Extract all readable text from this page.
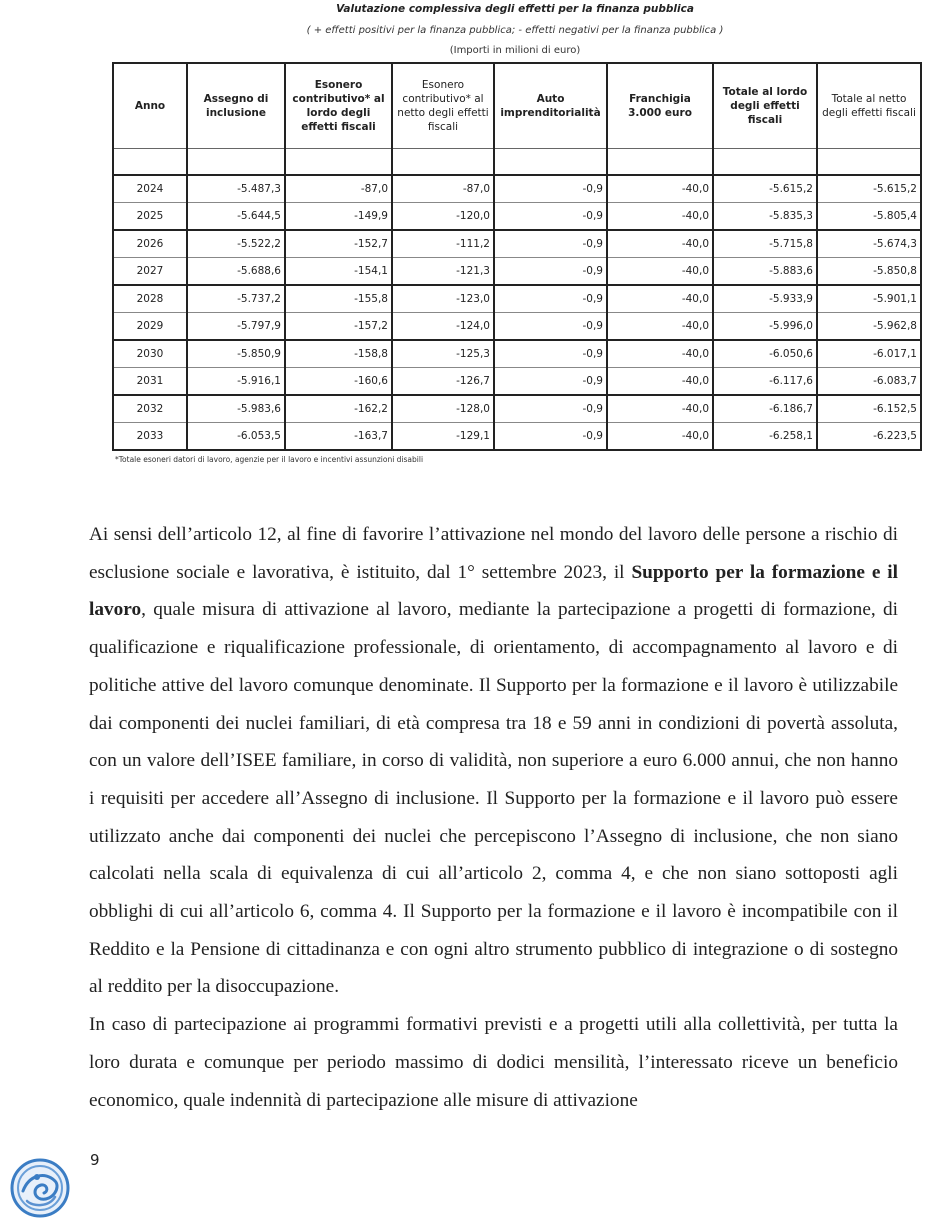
Valutazione complessiva degli effetti per la finanza pubblica
( + effetti positivi per la finanza pubblica; - effetti negativi per la finanza pubblica )
(Importi in milioni di euro)
Anno	Assegno di inclusione	Esonero contributivo* al lordo degli effetti fiscali	Esonero contributivo* al netto degli effetti fiscali	Auto imprenditorialità	Franchigia 3.000 euro	Totale al lordo degli effetti fiscali	Totale al netto degli effetti fiscali

2024	-5.487,3	-87,0	-87,0	-0,9	-40,0	-5.615,2	-5.615,2
2025	-5.644,5	-149,9	-120,0	-0,9	-40,0	-5.835,3	-5.805,4
2026	-5.522,2	-152,7	-111,2	-0,9	-40,0	-5.715,8	-5.674,3
2027	-5.688,6	-154,1	-121,3	-0,9	-40,0	-5.883,6	-5.850,8
2028	-5.737,2	-155,8	-123,0	-0,9	-40,0	-5.933,9	-5.901,1
2029	-5.797,9	-157,2	-124,0	-0,9	-40,0	-5.996,0	-5.962,8
2030	-5.850,9	-158,8	-125,3	-0,9	-40,0	-6.050,6	-6.017,1
2031	-5.916,1	-160,6	-126,7	-0,9	-40,0	-6.117,6	-6.083,7
2032	-5.983,6	-162,2	-128,0	-0,9	-40,0	-6.186,7	-6.152,5
2033	-6.053,5	-163,7	-129,1	-0,9	-40,0	-6.258,1	-6.223,5
*Totale esoneri datori di lavoro, agenzie per il lavoro e incentivi assunzioni disabili

Ai sensi dell’articolo 12, al fine di favorire l’attivazione nel mondo del lavoro delle persone a rischio di esclusione sociale e lavorativa, è istituito, dal 1° settembre 2023, il Supporto per la formazione e il lavoro, quale misura di attivazione al lavoro, mediante la partecipazione a progetti di formazione, di qualificazione e riqualificazione professionale, di orientamento, di accompagnamento al lavoro e di politiche attive del lavoro comunque denominate. Il Supporto per la formazione e il lavoro è utilizzabile dai componenti dei nuclei familiari, di età compresa tra 18 e 59 anni in condizioni di povertà assoluta, con un valore dell’ISEE familiare, in corso di validità, non superiore a euro 6.000 annui, che non hanno i requisiti per accedere all’Assegno di inclusione. Il Supporto per la formazione e il lavoro può essere utilizzato anche dai componenti dei nuclei che percepiscono l’Assegno di inclusione, che non siano calcolati nella scala di equivalenza di cui all’articolo 2, comma 4, e che non siano sottoposti agli obblighi di cui all’articolo 6, comma 4. Il Supporto per la formazione e il lavoro è incompatibile con il Reddito e la Pensione di cittadinanza e con ogni altro strumento pubblico di integrazione o di sostegno al reddito per la disoccupazione.

In caso di partecipazione ai programmi formativi previsti e a progetti utili alla collettività, per tutta la loro durata e comunque per periodo massimo di dodici mensilità, l’interessato riceve un beneficio economico, quale indennità di partecipazione alle misure di attivazione

9
